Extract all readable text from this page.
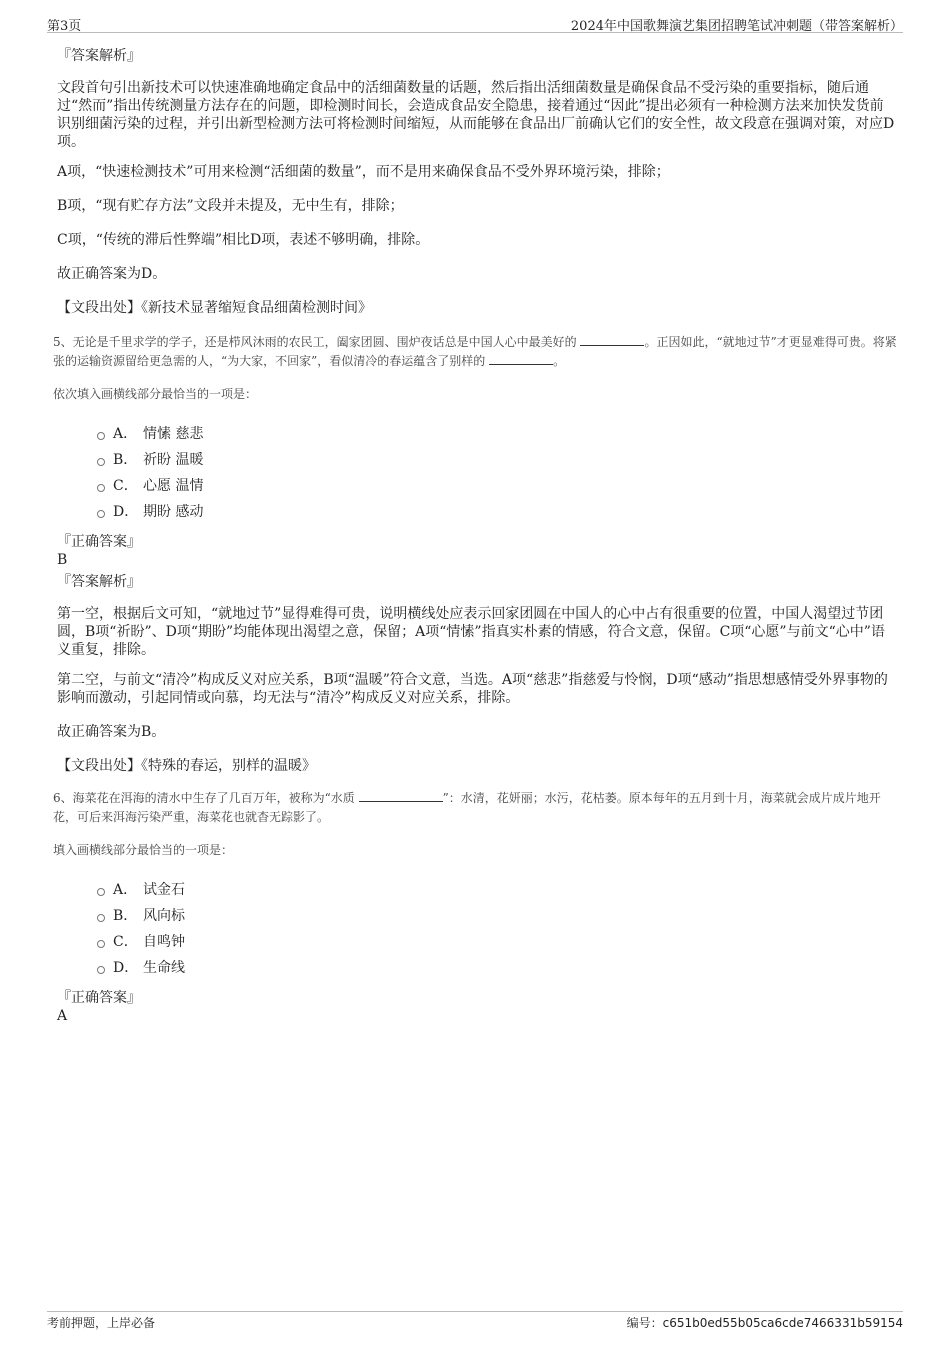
第3页	2024年中国歌舞演艺集团招聘笔试冲刺题（带答案解析）

『答案解析』

文段首句引出新技术可以快速准确地确定食品中的活细菌数量的话题，然后指出活细菌数量是确保食品不受污染的重要指标，随后通过“然而”指出传统测量方法存在的问题，即检测时间长，会造成食品安全隐患，接着通过“因此”提出必须有一种检测方法来加快发货前识别细菌污染的过程，并引出新型检测方法可将检测时间缩短，从而能够在食品出厂前确认它们的安全性，故文段意在强调对策，对应D项。

A项，“快速检测技术”可用来检测“活细菌的数量”，而不是用来确保食品不受外界环境污染，排除；

B项，“现有贮存方法”文段并未提及，无中生有，排除；

C项，“传统的滞后性弊端”相比D项，表述不够明确，排除。

故正确答案为D。

【文段出处】《新技术显著缩短食品细菌检测时间》

5、无论是千里求学的学子，还是栉风沐雨的农民工，阖家团圆、围炉夜话总是中国人心中最美好的	。正因如此，“就地过节”才更显难得可贵。将紧张的运输资源留给更急需的人，“为大家，不回家”，看似清冷的春运蕴含了别样的	。

依次填入画横线部分最恰当的一项是：

A． 情愫 慈悲
B． 祈盼 温暖
C． 心愿 温情
D． 期盼 感动

『正确答案』

B

『答案解析』

第一空，根据后文可知，“就地过节”显得难得可贵，说明横线处应表示回家团圆在中国人的心中占有很重要的位置，中国人渴望过节团圆，B项“祈盼”、D项“期盼”均能体现出渴望之意，保留；A项“情愫”指真实朴素的情感，符合文意，保留。C项“心愿”与前文“心中”语义重复，排除。

第二空，与前文“清冷”构成反义对应关系，B项“温暖”符合文意，当选。A项“慈悲”指慈爱与怜悯，D项“感动”指思想感情受外界事物的影响而激动，引起同情或向慕，均无法与“清冷”构成反义对应关系，排除。

故正确答案为B。

【文段出处】《特殊的春运，别样的温暖》

6、海菜花在洱海的清水中生存了几百万年，被称为“水质	”：水清，花妍丽；水污，花枯萎。原本每年的五月到十月，海菜就会成片成片地开花，可后来洱海污染严重，海菜花也就杳无踪影了。

填入画横线部分最恰当的一项是：

A． 试金石
B． 风向标
C． 自鸣钟
D． 生命线

『正确答案』

A

考前押题，上岸必备	编号：c651b0ed55b05ca6cde7466331b59154
